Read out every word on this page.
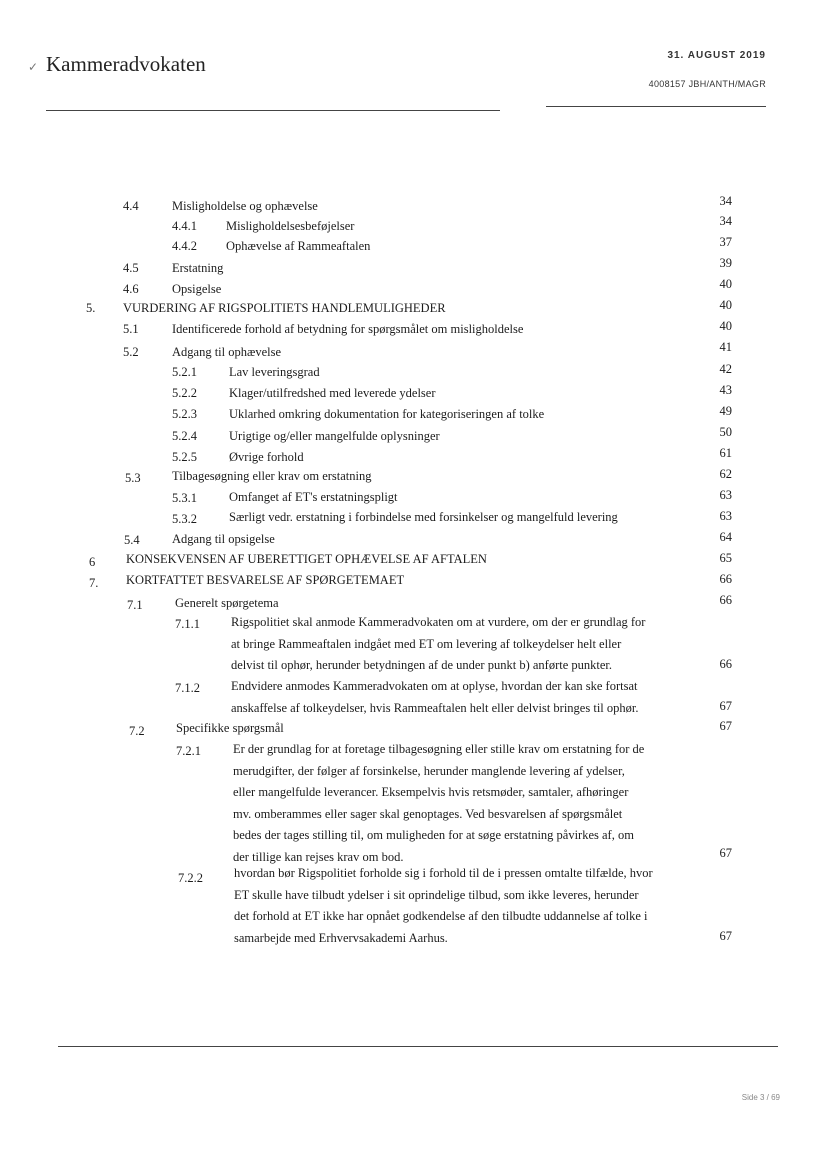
✓ Kammeradvokaten	31. AUGUST 2019
4008157 JBH/ANTH/MAGR
4.4	Misligholdelse og ophævelse	34
4.4.1 Misligholdelsesbeføjelser	34
4.4.2 Ophævelse af Rammeaftalen	37
4.5	Erstatning	39
4.6	Opsigelse	40
5. VURDERING AF RIGSPOLITIETS HANDLEMULIGHEDER	40
5.1	Identificerede forhold af betydning for spørgsmålet om misligholdelse	40
5.2	Adgang til ophævelse	41
5.2.1	Lav leveringsgrad	42
5.2.2	Klager/utilfredshed med leverede ydelser	43
5.2.3	Uklarhed omkring dokumentation for kategoriseringen af tolke	49
5.2.4	Urigtige og/eller mangelfulde oplysninger	50
5.2.5	Øvrige forhold	61
5.3	Tilbagesøgning eller krav om erstatning	62
5.3.1	Omfanget af ET's erstatningspligt	63
5.3.2	Særligt vedr. erstatning i forbindelse med forsinkelser og mangelfuld levering	63
5.4	Adgang til opsigelse	64
6 KONSEKVENSEN AF UBERETTIGET OPHÆVELSE AF AFTALEN	65
7. KORTFATTET BESVARELSE AF SPØRGETEMAET	66
7.1	Generelt spørgetema	66
7.1.1 Rigspolitiet skal anmode Kammeradvokaten om at vurdere, om der er grundlag for
at bringe Rammeaftalen indgået med ET om levering af tolkeydelser helt eller
delvist til ophør, herunder betydningen af de under punkt b) anførte punkter.	66
7.1.2 Endvidere anmodes Kammeradvokaten om at oplyse, hvordan der kan ske fortsat
anskaffelse af tolkeydelser, hvis Rammeaftalen helt eller delvist bringes til ophør.	67
7.2	Specifikke spørgsmål	67
7.2.1	Er der grundlag for at foretage tilbagesøgning eller stille krav om erstatning for de
merudgifter, der følger af forsinkelse, herunder manglende levering af ydelser,
eller mangelfulde leverancer. Eksempelvis hvis retsmøder, samtaler, afhøringer
mv. omberammes eller sager skal genoptages. Ved besvarelsen af spørgsmålet
bedes der tages stilling til, om muligheden for at søge erstatning påvirkes af, om
der tillige kan rejses krav om bod.	67
7.2.2 hvordan bør Rigspolitiet forholde sig i forhold til de i pressen omtalte tilfælde, hvor
ET skulle have tilbudt ydelser i sit oprindelige tilbud, som ikke leveres, herunder
det forhold at ET ikke har opnået godkendelse af den tilbudte uddannelse af tolke i
samarbejde med Erhvervsakademi Aarhus.	67
Side 3 / 69
